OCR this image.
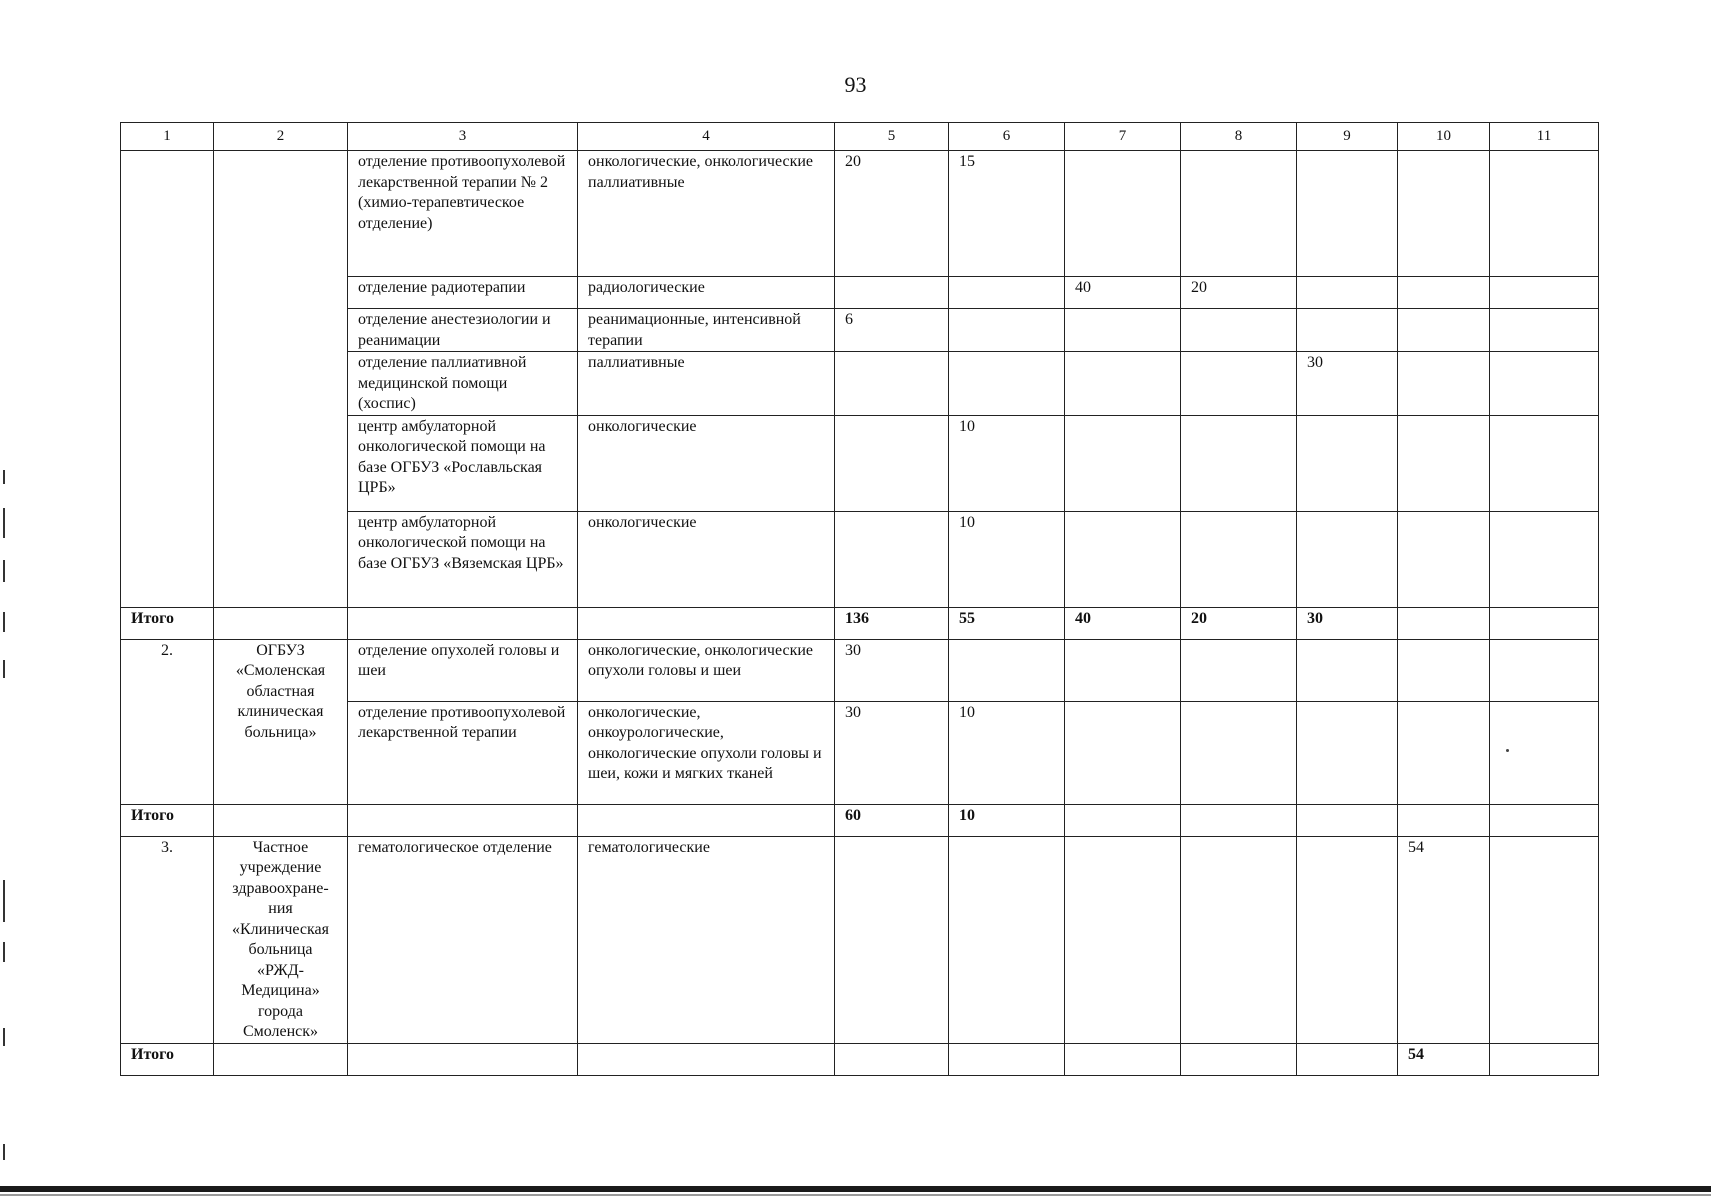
93
1	2	3	4	5	6	7	8	9	10	11
		отделение противоопухолевой лекарственной терапии № 2 (химио-терапевтическое отделение)	онкологические, онкологические паллиативные	20	15					
		отделение радиотерапии	радиологические			40	20			
		отделение анестезиологии и реанимации	реанимационные, интенсивной терапии	6						
		отделение паллиативной медицинской помощи (хоспис)	паллиативные					30		
		центр амбулаторной онкологической помощи на базе ОГБУЗ «Рославльская ЦРБ»	онкологические		10					
		центр амбулаторной онкологической помощи на базе ОГБУЗ «Вяземская ЦРБ»	онкологические		10					
Итого				136	55	40	20	30		
2.	ОГБУЗ «Смоленская областная клиническая больница»	отделение опухолей головы и шеи	онкологические, онкологические опухоли головы и шеи	30						
		отделение противоопухолевой лекарственной терапии	онкологические, онкоурологические, онкологические опухоли головы и шеи, кожи и мягких тканей	30	10					
Итого				60	10					
3.	Частное учреждение здравоохране-ния «Клиническая больница «РЖД-Медицина» города Смоленск»	гематологическое отделение	гематологические						54	
Итого									54	
